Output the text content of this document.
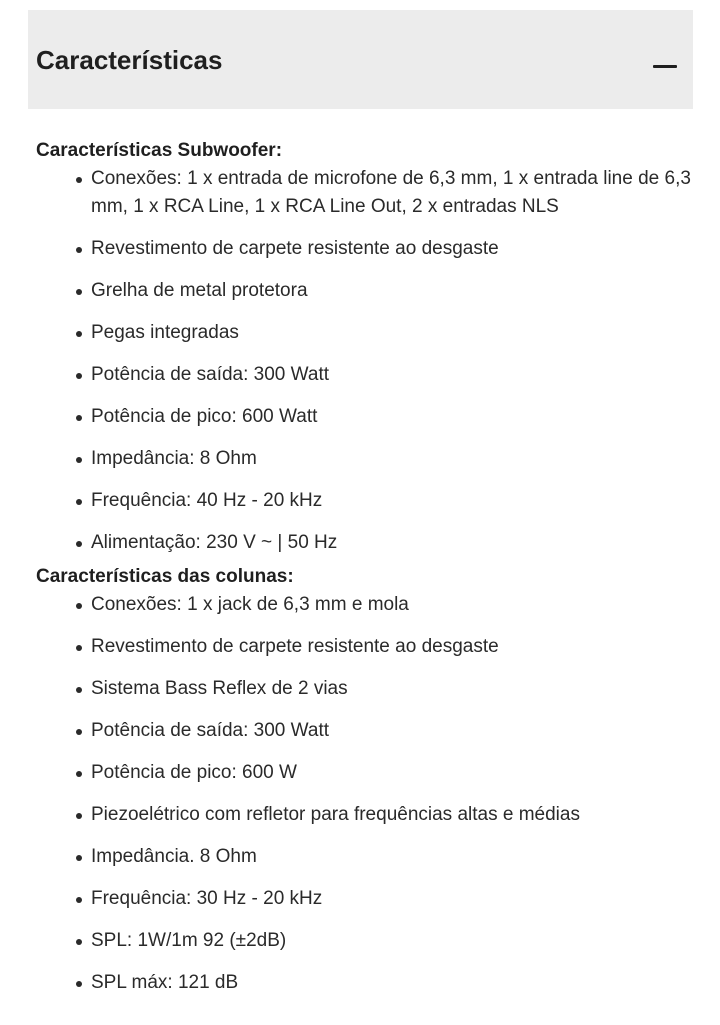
Características

Características Subwoofer:

Conexões: 1 x entrada de microfone de 6,3 mm, 1 x entrada line de 6,3 mm, 1 x RCA Line, 1 x RCA Line Out, 2 x entradas NLS
Revestimento de carpete resistente ao desgaste
Grelha de metal protetora
Pegas integradas
Potência de saída: 300 Watt
Potência de pico: 600 Watt
Impedância: 8 Ohm
Frequência: 40 Hz - 20 kHz
Alimentação: 230 V ~ | 50 Hz

Características das colunas:

Conexões: 1 x jack de 6,3 mm e mola
Revestimento de carpete resistente ao desgaste
Sistema Bass Reflex de 2 vias
Potência de saída: 300 Watt
Potência de pico: 600 W
Piezoelétrico com refletor para frequências altas e médias
Impedância. 8 Ohm
Frequência: 30 Hz - 20 kHz
SPL: 1W/1m 92 (±2dB)
SPL máx: 121 dB
